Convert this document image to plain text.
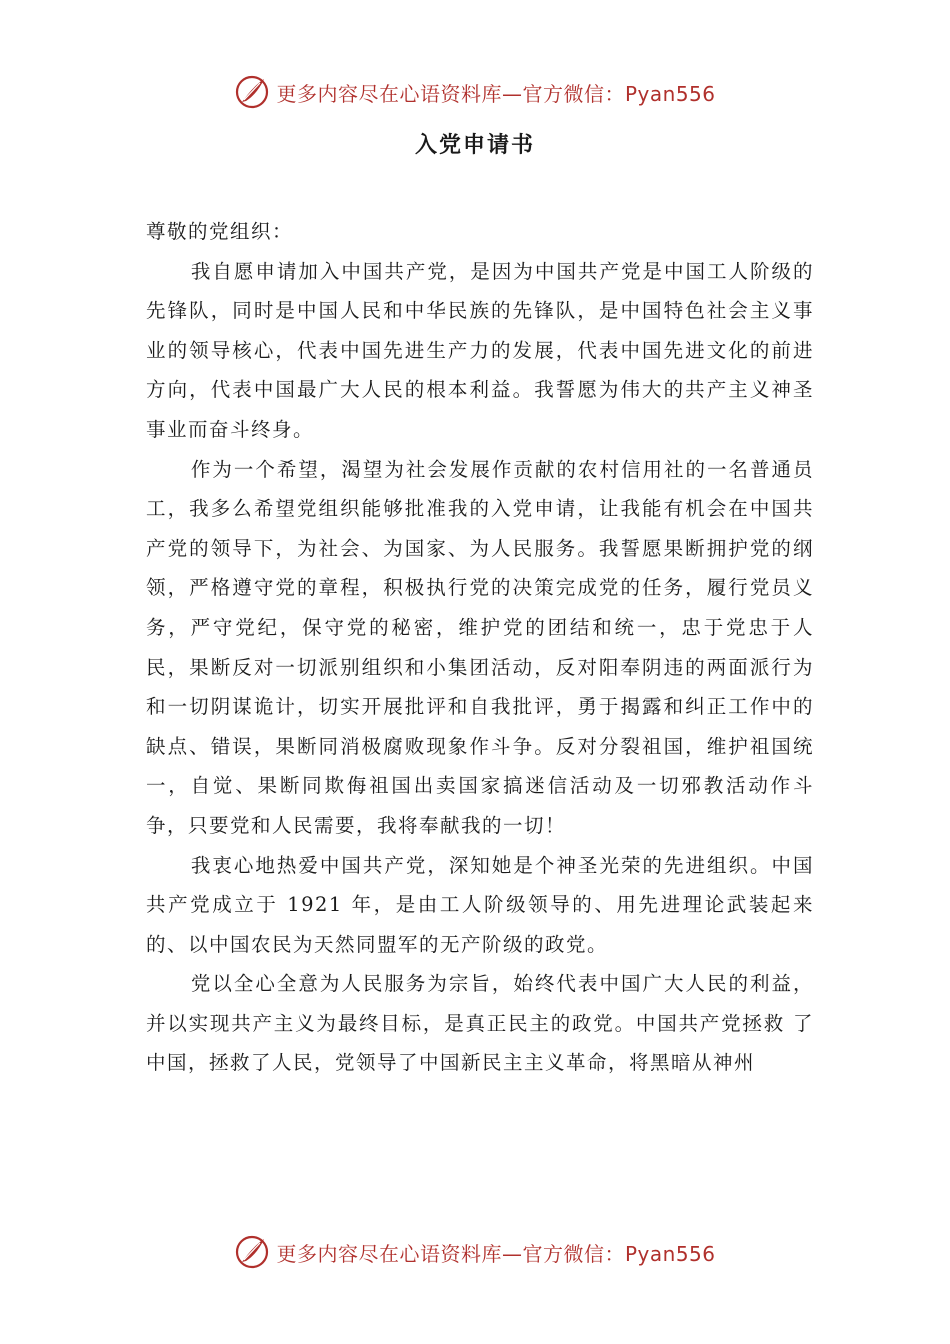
更多内容尽在心语资料库—官方微信：Pyan556
入党申请书

尊敬的党组织：

我自愿申请加入中国共产党，是因为中国共产党是中国工人阶级的先锋队，同时是中国人民和中华民族的先锋队，是中国特色社会主义事业的领导核心，代表中国先进生产力的发展，代表中国先进文化的前进方向，代表中国最广大人民的根本利益。我誓愿为伟大的共产主义神圣事业而奋斗终身。

作为一个希望，渴望为社会发展作贡献的农村信用社的一名普通员工，我多么希望党组织能够批准我的入党申请，让我能有机会在中国共产党的领导下，为社会、为国家、为人民服务。我誓愿果断拥护党的纲领，严格遵守党的章程，积极执行党的决策完成党的任务，履行党员义务，严守党纪，保守党的秘密，维护党的团结和统一，忠于党忠于人民，果断反对一切派别组织和小集团活动，反对阳奉阴违的两面派行为和一切阴谋诡计，切实开展批评和自我批评，勇于揭露和纠正工作中的缺点、错误，果断同消极腐败现象作斗争。反对分裂祖国，维护祖国统一，自觉、果断同欺侮祖国出卖国家搞迷信活动及一切邪教活动作斗争，只要党和人民需要，我将奉献我的一切！

我衷心地热爱中国共产党，深知她是个神圣光荣的先进组织。中国共产党成立于 1921 年，是由工人阶级领导的、用先进理论武装起来的、以中国农民为天然同盟军的无产阶级的政党。

党以全心全意为人民服务为宗旨，始终代表中国广大人民的利益，并以实现共产主义为最终目标，是真正民主的政党。中国共产党拯救 了中国，拯救了人民，党领导了中国新民主主义革命，将黑暗从神州

更多内容尽在心语资料库—官方微信：Pyan556
